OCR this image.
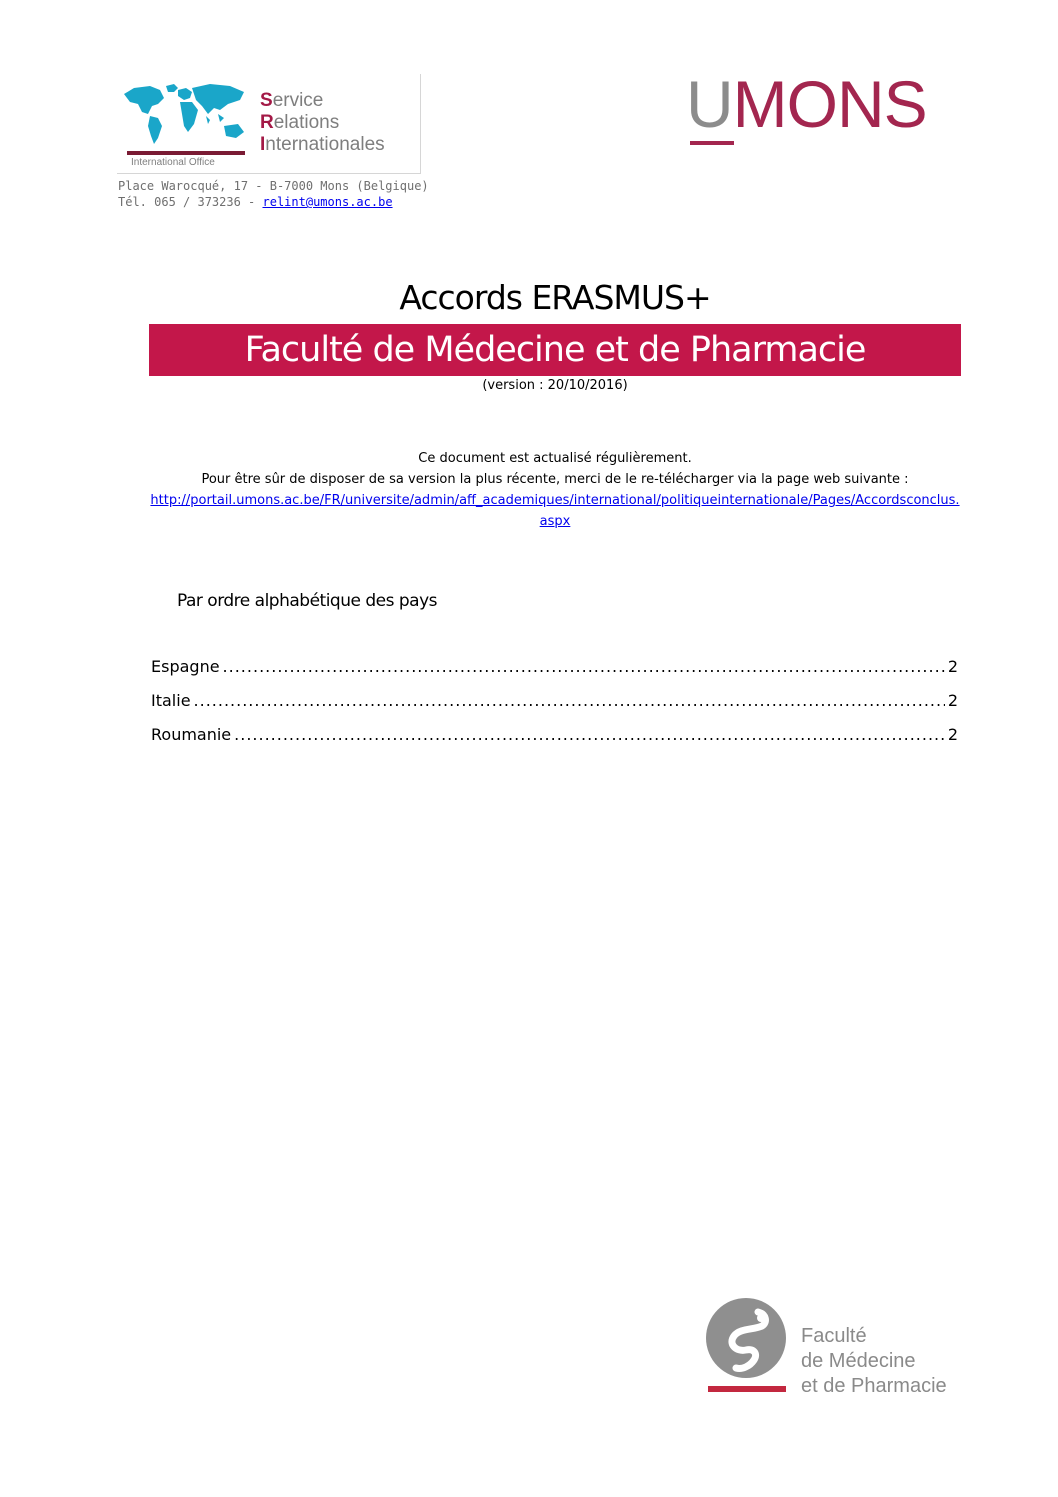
International Office
Service
Relations
Internationales
Place Warocqué, 17 - B-7000 Mons (Belgique)
Tél. 065 / 373236 - relint@umons.ac.be
UMONS
Accords ERASMUS+
Faculté de Médecine et de Pharmacie
(version : 20/10/2016)
Ce document est actualisé régulièrement.
Pour être sûr de disposer de sa version la plus récente, merci de le re-télécharger via la page web suivante :
http://portail.umons.ac.be/FR/universite/admin/aff_academiques/international/politiqueinternationale/Pages/Accordsconclus.aspx
Par ordre alphabétique des pays
Espagne .....	2
Italie .....	2
Roumanie .....	2
Faculté
de Médecine
et de Pharmacie
